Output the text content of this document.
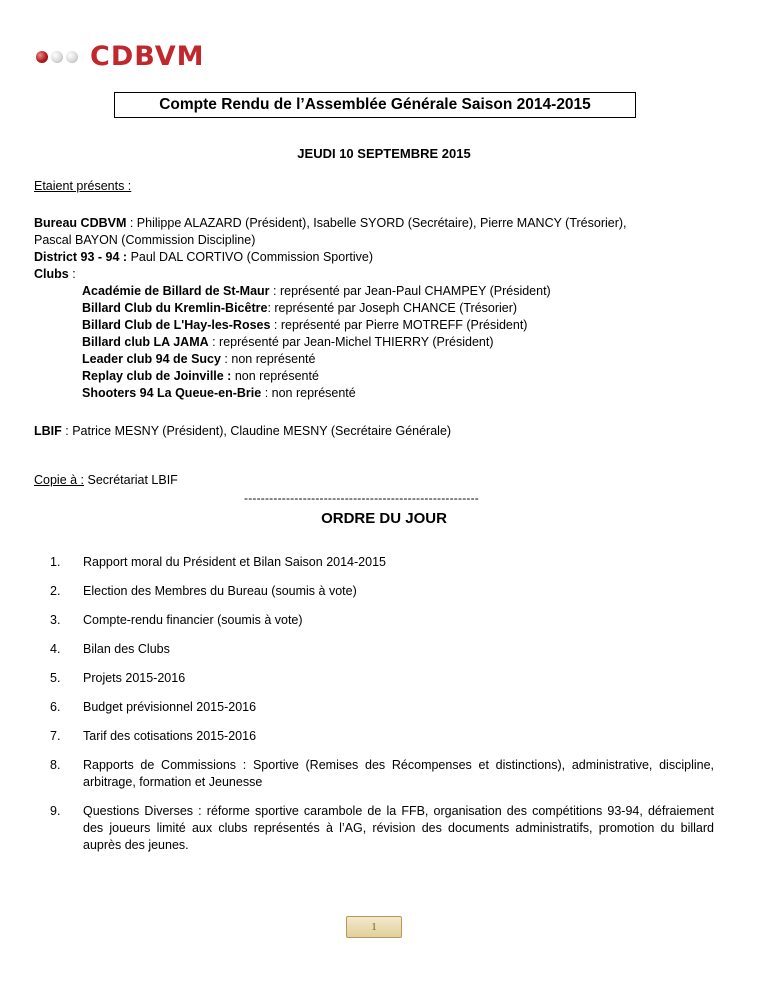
CDBVM
Compte Rendu de l’Assemblée Générale Saison 2014-2015
JEUDI 10 SEPTEMBRE 2015
Etaient présents :
Bureau CDBVM : Philippe ALAZARD (Président), Isabelle SYORD (Secrétaire), Pierre MANCY (Trésorier),
Pascal BAYON (Commission Discipline)
District 93 - 94 : Paul DAL CORTIVO (Commission Sportive)
Clubs :
Académie de Billard de St-Maur : représenté par Jean-Paul CHAMPEY (Président)
Billard Club du Kremlin-Bicêtre: représenté par Joseph CHANCE (Trésorier)
Billard Club de L'Hay-les-Roses : représenté par Pierre MOTREFF (Président)
Billard club LA JAMA : représenté par Jean-Michel THIERRY (Président)
Leader club 94 de Sucy : non représenté
Replay club de Joinville : non représenté
Shooters 94 La Queue-en-Brie : non représenté
LBIF : Patrice MESNY (Président), Claudine MESNY (Secrétaire Générale)
Copie à : Secrétariat LBIF
--------------------------------------------------------
ORDRE DU JOUR
1. Rapport moral du Président et Bilan Saison 2014-2015
2. Election des Membres du Bureau (soumis à vote)
3. Compte-rendu financier (soumis à vote)
4. Bilan des Clubs
5. Projets 2015-2016
6. Budget prévisionnel 2015-2016
7. Tarif des cotisations 2015-2016
8. Rapports de Commissions : Sportive (Remises des Récompenses et distinctions), administrative, discipline, arbitrage, formation et Jeunesse
9. Questions Diverses : réforme sportive carambole de la FFB, organisation des compétitions 93-94, défraiement des joueurs limité aux clubs représentés à l’AG, révision des documents administratifs, promotion du billard auprès des jeunes.
1
